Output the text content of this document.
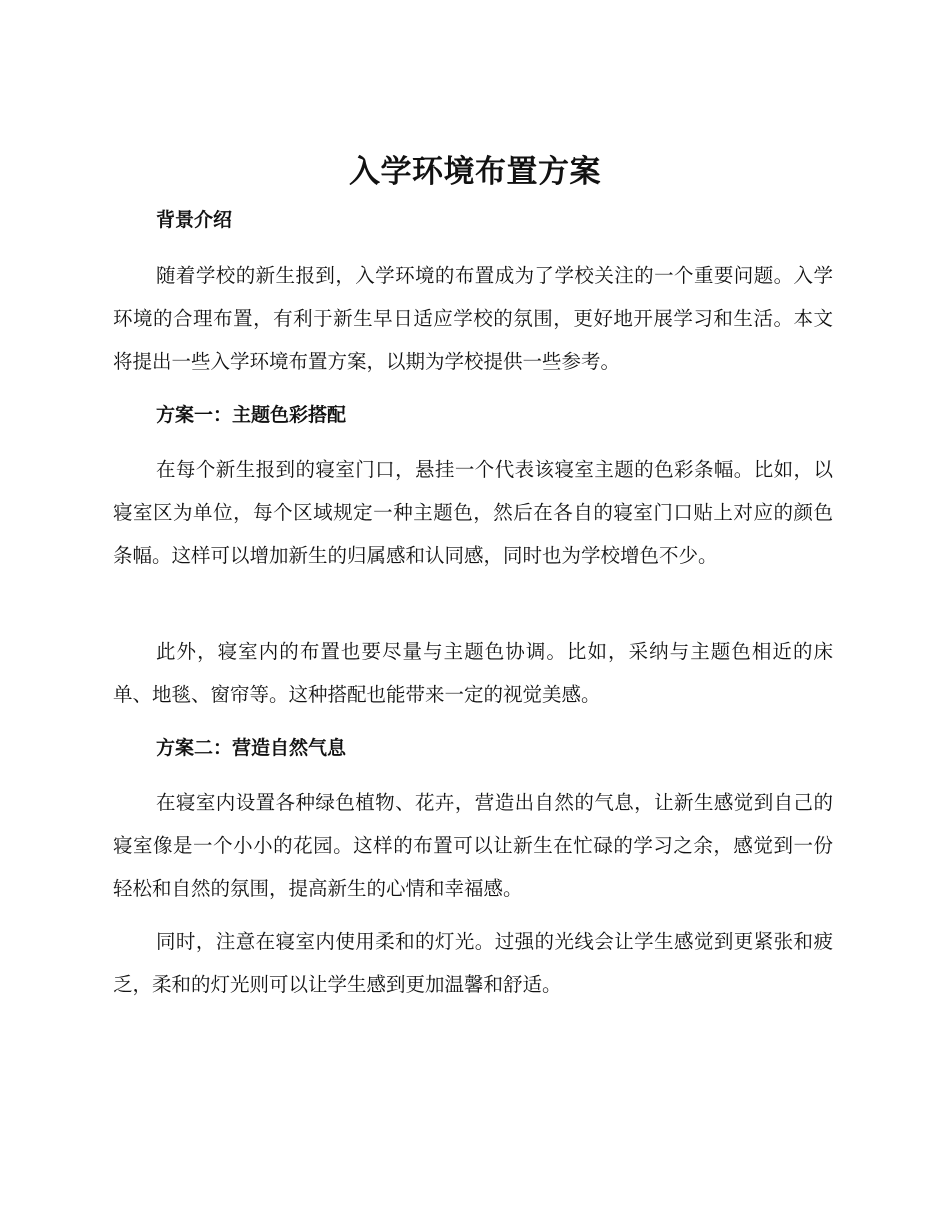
入学环境布置方案
背景介绍

随着学校的新生报到，入学环境的布置成为了学校关注的一个重要问题。入学环境的合理布置，有利于新生早日适应学校的氛围，更好地开展学习和生活。本文将提出一些入学环境布置方案，以期为学校提供一些参考。

方案一：主题色彩搭配

在每个新生报到的寝室门口，悬挂一个代表该寝室主题的色彩条幅。比如，以寝室区为单位，每个区域规定一种主题色，然后在各自的寝室门口贴上对应的颜色条幅。这样可以增加新生的归属感和认同感，同时也为学校增色不少。

此外，寝室内的布置也要尽量与主题色协调。比如，采纳与主题色相近的床单、地毯、窗帘等。这种搭配也能带来一定的视觉美感。

方案二：营造自然气息

在寝室内设置各种绿色植物、花卉，营造出自然的气息，让新生感觉到自己的寝室像是一个小小的花园。这样的布置可以让新生在忙碌的学习之余，感觉到一份轻松和自然的氛围，提高新生的心情和幸福感。

同时，注意在寝室内使用柔和的灯光。过强的光线会让学生感觉到更紧张和疲乏，柔和的灯光则可以让学生感到更加温馨和舒适。
